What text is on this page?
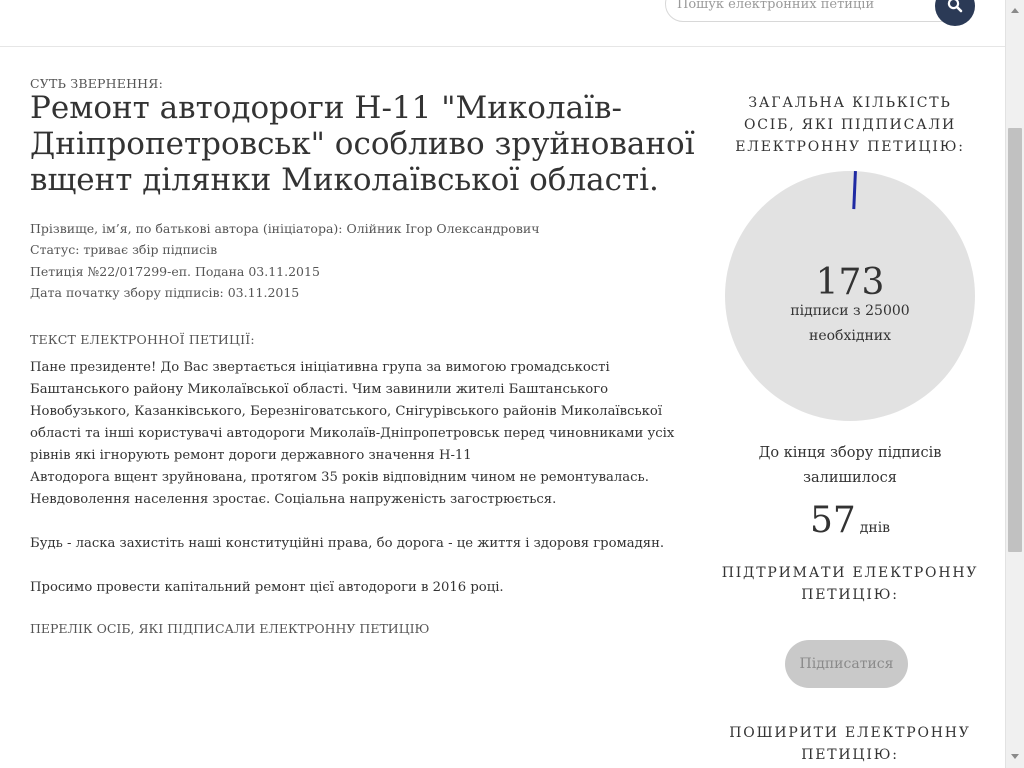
Пошук електронних петицій
СУТЬ ЗВЕРНЕННЯ:
Ремонт автодороги Н-11 "Миколаїв-Дніпропетровськ" особливо зруйнованої вщент ділянки Миколаївської області.
Прізвище, ім’я, по батькові автора (ініціатора): Олійник Ігор Олександрович
Статус: триває збір підписів
Петиція №22/017299-еп. Подана 03.11.2015
Дата початку збору підписів: 03.11.2015
ТЕКСТ ЕЛЕКТРОННОЇ ПЕТИЦІЇ:

Пане президенте! До Вас звертається ініціативна група за вимогою громадськості Баштанського району Миколаївської області. Чим завинили жителі Баштанського Новобузького, Казанківського, Березніговатського, Снігурівського районів Миколаївської області та інші користувачі автодороги Миколаїв-Дніпропетровськ перед чиновниками усіх рівнів які ігнорують ремонт дороги державного значення Н-11

Автодорога вщент зруйнована, протягом 35 років відповідним чином не ремонтувалась. Невдоволення населення зростає. Соціальна напруженість загострюється.

Будь - ласка захистіть наші конституційні права, бо дорога - це життя і здоровя громадян.

Просимо провести капітальний ремонт цієї автодороги в 2016 році.

ПЕРЕЛІК ОСІБ, ЯКІ ПІДПИСАЛИ ЕЛЕКТРОННУ ПЕТИЦІЮ
ЗАГАЛЬНА КІЛЬКІСТЬ ОСІБ, ЯКІ ПІДПИСАЛИ ЕЛЕКТРОННУ ПЕТИЦІЮ:
173
підписи з 25000
необхідних
До кінця збору підписів
залишилося
57 днів
ПІДТРИМАТИ ЕЛЕКТРОННУ ПЕТИЦІЮ:
Підписатися
ПОШИРИТИ ЕЛЕКТРОННУ ПЕТИЦІЮ:
